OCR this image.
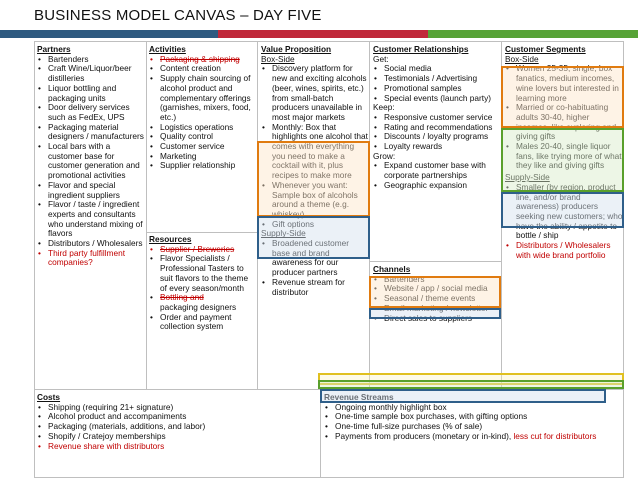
BUSINESS MODEL CANVAS – DAY FIVE
Partners
• Bartenders
• Craft Wine/Liquor/beer distilleries
• Liquor bottling and packaging units
• Door delivery services such as FedEx, UPS
• Packaging material designers / manufacturers
• Local bars with a customer base for customer generation and promotional activities
• Flavor and special ingredient suppliers
• Flavor / taste / ingredient experts and consultants who understand mixing of flavors
• Distributors / Wholesalers
• Third party fulfillment companies?
Activities
• Packaging & shipping
• Content creation
• Supply chain sourcing of alcohol product and complementary offerings (garnishes, mixers, food, etc.)
• Logistics operations
• Quality control
• Customer service
• Marketing
• Supplier relationship
Resources
• Supplier / Breweries
• Flavor Specialists / Professional Tasters to suit flavors to the theme of every season/month
• Bottling and
packaging designers
• Order and payment collection system
Value Proposition
Box-Side
• Discovery platform for new and exciting alcohols (beer, wines, spirits, etc.) from small-batch producers unavailable in most major markets
• Monthly: Box that highlights one alcohol that comes with everything you need to make a cocktail with it, plus recipes to make more
• Whenever you want: Sample box of alcohols around a theme (e.g. whiskey)
• Gift options
Supply-Side
• Broadened customer base and brand awareness for our producer partners
• Revenue stream for distributor
Customer Relationships
Get:
• Social media
• Testimonials / Advertising
• Promotional samples
• Special events (launch party)
Keep:
• Responsive customer service
• Rating and recommendations
• Discounts / loyalty programs
• Loyalty rewards
Grow:
• Expand customer base with corporate partnerships
• Geographic expansion
Channels
• Bartenders
• Website / app / social media
• Seasonal / theme events
• Email marketing / newsletter
• Direct sales to suppliers
Customer Segments
Box-Side
• Women 25-35, single, box fanatics, medium incomes, wine lovers but interested in learning more
• Married or co-habituating adults 30-40, higher incomes, like exploring and giving gifts
• Males 20-40, single liquor fans, like trying more of what they like and giving gifts
Supply-Side
• Smaller (by region, product line, and/or brand awareness) producers seeking new customers; who have the ability / appetite to bottle / ship
• Distributors / Wholesalers with wide brand portfolio
Costs
• Shipping (requiring 21+ signature)
• Alcohol product and accompaniments
• Packaging (materials, additions, and labor)
• Shopify / Cratejoy memberships
• Revenue share with distributors
Revenue Streams
• Ongoing monthly highlight box
• One-time sample box purchases, with gifting options
• One-time full-size purchases (% of sale)
• Payments from producers (monetary or in-kind), less cut for distributors
